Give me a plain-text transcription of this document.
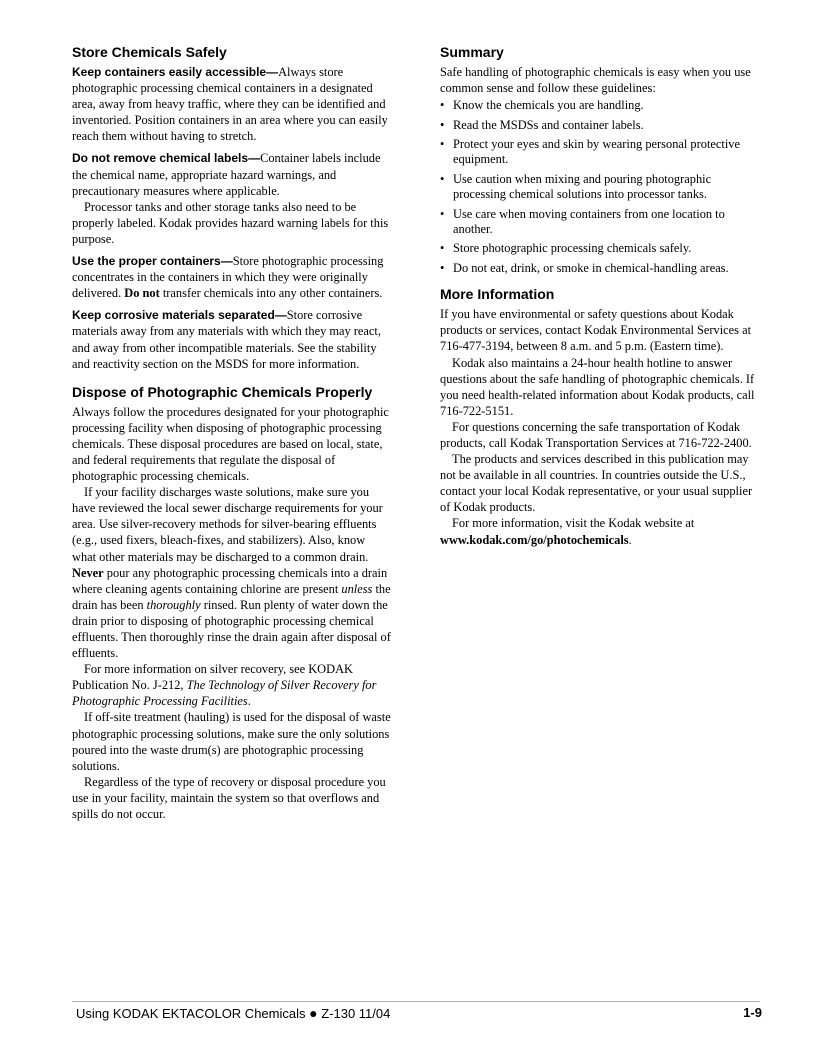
Store Chemicals Safely

Keep containers easily accessible—Always store photographic processing chemical containers in a designated area, away from heavy traffic, where they can be identified and inventoried. Position containers in an area where you can easily reach them without having to stretch.

Do not remove chemical labels—Container labels include the chemical name, appropriate hazard warnings, and precautionary measures where applicable.

Processor tanks and other storage tanks also need to be properly labeled. Kodak provides hazard warning labels for this purpose.

Use the proper containers—Store photographic processing concentrates in the containers in which they were originally delivered. Do not transfer chemicals into any other containers.

Keep corrosive materials separated—Store corrosive materials away from any materials with which they may react, and away from other incompatible materials. See the stability and reactivity section on the MSDS for more information.

Dispose of Photographic Chemicals Properly

Always follow the procedures designated for your photographic processing facility when disposing of photographic processing chemicals. These disposal procedures are based on local, state, and federal requirements that regulate the disposal of photographic processing chemicals.

If your facility discharges waste solutions, make sure you have reviewed the local sewer discharge requirements for your area. Use silver-recovery methods for silver-bearing effluents (e.g., used fixers, bleach-fixes, and stabilizers). Also, know what other materials may be discharged to a common drain. Never pour any photographic processing chemicals into a drain where cleaning agents containing chlorine are present unless the drain has been thoroughly rinsed. Run plenty of water down the drain prior to disposing of photographic processing chemical effluents. Then thoroughly rinse the drain again after disposal of effluents.

For more information on silver recovery, see KODAK Publication No. J-212, The Technology of Silver Recovery for Photographic Processing Facilities.

If off-site treatment (hauling) is used for the disposal of waste photographic processing solutions, make sure the only solutions poured into the waste drum(s) are photographic processing solutions.

Regardless of the type of recovery or disposal procedure you use in your facility, maintain the system so that overflows and spills do not occur.

Summary

Safe handling of photographic chemicals is easy when you use common sense and follow these guidelines:

• Know the chemicals you are handling.
• Read the MSDSs and container labels.
• Protect your eyes and skin by wearing personal protective equipment.
• Use caution when mixing and pouring photographic processing chemical solutions into processor tanks.
• Use care when moving containers from one location to another.
• Store photographic processing chemicals safely.
• Do not eat, drink, or smoke in chemical-handling areas.
More Information

If you have environmental or safety questions about Kodak products or services, contact Kodak Environmental Services at 716-477-3194, between 8 a.m. and 5 p.m. (Eastern time).

Kodak also maintains a 24-hour health hotline to answer questions about the safe handling of photographic chemicals. If you need health-related information about Kodak products, call 716-722-5151.

For questions concerning the safe transportation of Kodak products, call Kodak Transportation Services at 716-722-2400.

The products and services described in this publication may not be available in all countries. In countries outside the U.S., contact your local Kodak representative, or your usual supplier of Kodak products.

For more information, visit the Kodak website at www.kodak.com/go/photochemicals.

Using KODAK EKTACOLOR Chemicals ● Z-130 11/04	1-9
